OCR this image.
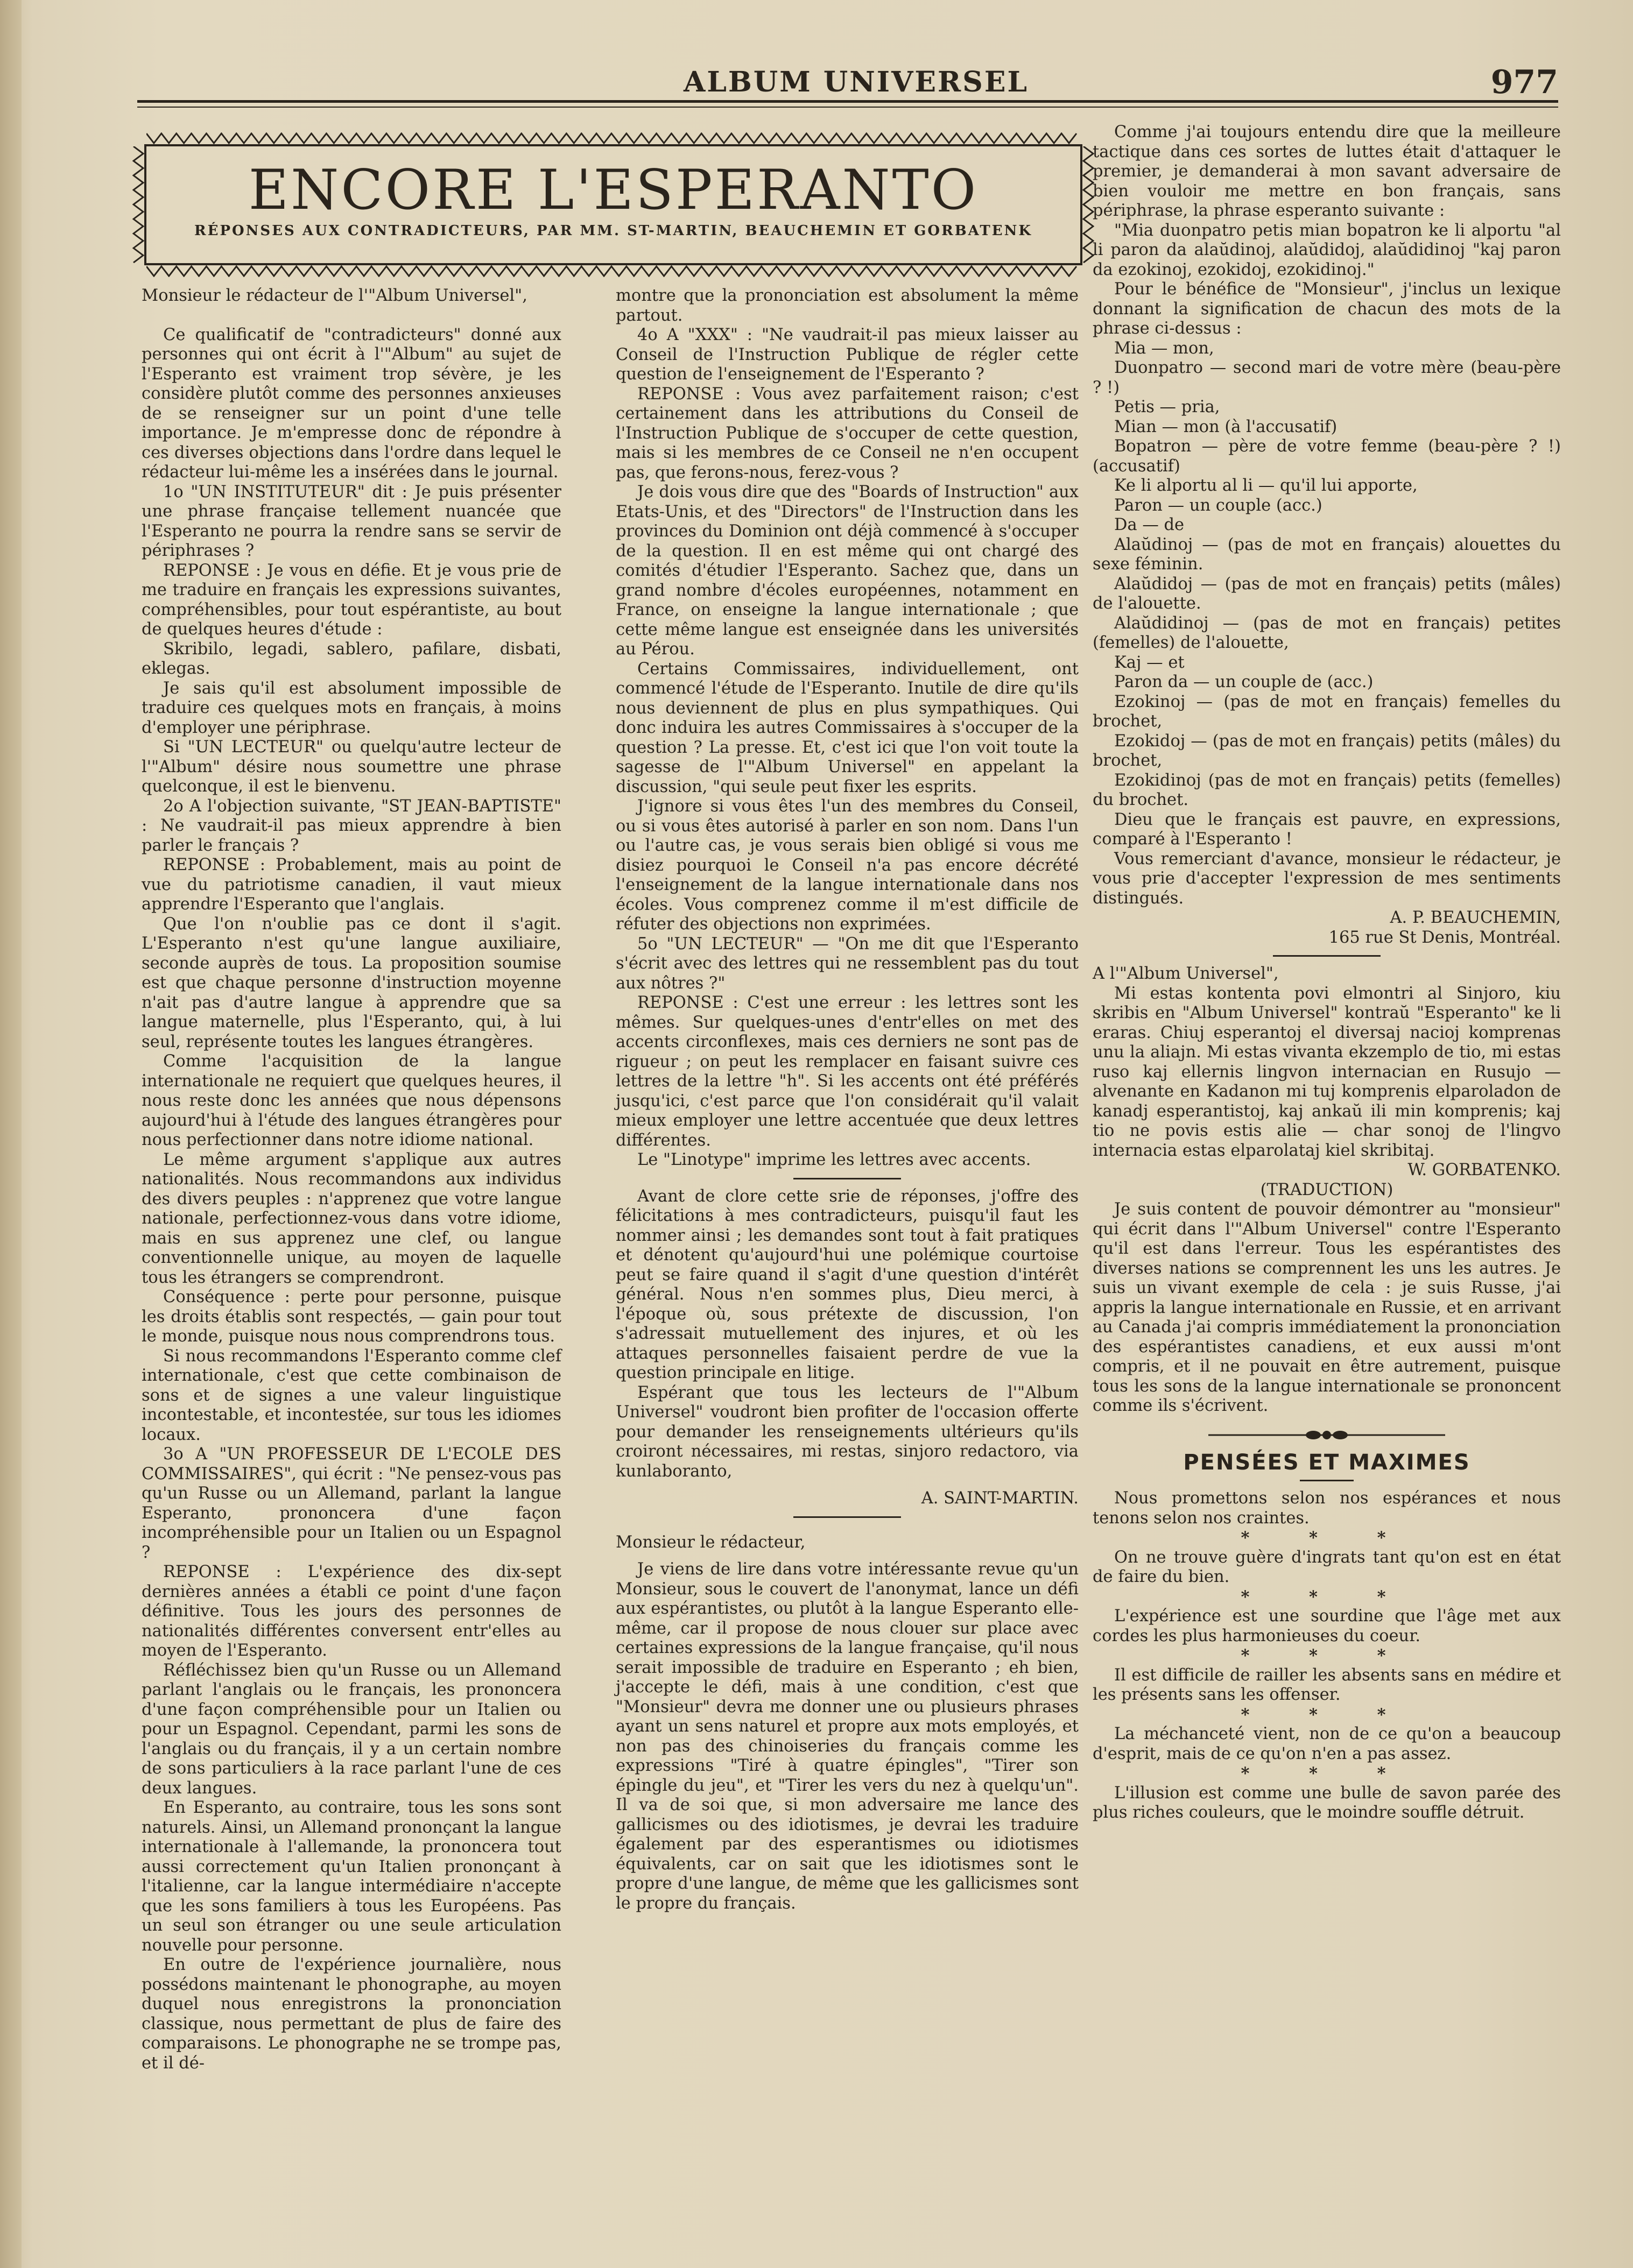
ALBUM UNIVERSEL	977
ENCORE L'ESPERANTO
RÉPONSES AUX CONTRADICTEURS, PAR MM. ST-MARTIN, BEAUCHEMIN ET GORBATENK

Monsieur le rédacteur de l'"Album Universel",

Ce qualificatif de "contradicteurs" donné aux personnes qui ont écrit à l'"Album" au sujet de l'Esperanto est vraiment trop sévère, je les considère plutôt comme des personnes anxieuses de se renseigner sur un point d'une telle importance. Je m'empresse donc de répondre à ces diverses objections dans l'ordre dans lequel le rédacteur lui-même les a insérées dans le journal.

1o "UN INSTITUTEUR" dit : Je puis présenter une phrase française tellement nuancée que l'Esperanto ne pourra la rendre sans se servir de périphrases ?

REPONSE : Je vous en défie. Et je vous prie de me traduire en français les expressions suivantes, compréhensibles, pour tout espérantiste, au bout de quelques heures d'étude :

Skribilo, legadi, sablero, pafilare, disbati, eklegas.

Je sais qu'il est absolument impossible de traduire ces quelques mots en français, à moins d'employer une périphrase.

Si "UN LECTEUR" ou quelqu'autre lecteur de l'"Album" désire nous soumettre une phrase quelconque, il est le bienvenu.

2o A l'objection suivante, "ST JEAN-BAPTISTE" : Ne vaudrait-il pas mieux apprendre à bien parler le français ?

REPONSE : Probablement, mais au point de vue du patriotisme canadien, il vaut mieux apprendre l'Esperanto que l'anglais.

Que l'on n'oublie pas ce dont il s'agit. L'Esperanto n'est qu'une langue auxiliaire, seconde auprès de tous. La proposition soumise est que chaque personne d'instruction moyenne n'ait pas d'autre langue à apprendre que sa langue maternelle, plus l'Esperanto, qui, à lui seul, représente toutes les langues étrangères.

Comme l'acquisition de la langue internationale ne requiert que quelques heures, il nous reste donc les années que nous dépensons aujourd'hui à l'étude des langues étrangères pour nous perfectionner dans notre idiome national.

Le même argument s'applique aux autres nationalités. Nous recommandons aux individus des divers peuples : n'apprenez que votre langue nationale, perfectionnez-vous dans votre idiome, mais en sus apprenez une clef, ou langue conventionnelle unique, au moyen de laquelle tous les étrangers se comprendront.

Conséquence : perte pour personne, puisque les droits établis sont respectés, — gain pour tout le monde, puisque nous nous comprendrons tous.

Si nous recommandons l'Esperanto comme clef internationale, c'est que cette combinaison de sons et de signes a une valeur linguistique incontestable, et incontestée, sur tous les idiomes locaux.

3o A "UN PROFESSEUR DE L'ECOLE DES COMMISSAIRES", qui écrit : "Ne pensez-vous pas qu'un Russe ou un Allemand, parlant la langue Esperanto, prononcera d'une façon incompréhensible pour un Italien ou un Espagnol ?

REPONSE : L'expérience des dix-sept dernières années a établi ce point d'une façon définitive. Tous les jours des personnes de nationalités différentes conversent entr'elles au moyen de l'Esperanto.

Réfléchissez bien qu'un Russe ou un Allemand parlant l'anglais ou le français, les prononcera d'une façon compréhensible pour un Italien ou pour un Espagnol. Cependant, parmi les sons de l'anglais ou du français, il y a un certain nombre de sons particuliers à la race parlant l'une de ces deux langues.

En Esperanto, au contraire, tous les sons sont naturels. Ainsi, un Allemand prononçant la langue internationale à l'allemande, la prononcera tout aussi correctement qu'un Italien prononçant à l'italienne, car la langue intermédiaire n'accepte que les sons familiers à tous les Européens. Pas un seul son étranger ou une seule articulation nouvelle pour personne.

En outre de l'expérience journalière, nous possédons maintenant le phonographe, au moyen duquel nous enregistrons la prononciation classique, nous permettant de plus de faire des comparaisons. Le phonographe ne se trompe pas, et il dé-

montre que la prononciation est absolument la même partout.

4o A "XXX" : "Ne vaudrait-il pas mieux laisser au Conseil de l'Instruction Publique de régler cette question de l'enseignement de l'Esperanto ?

REPONSE : Vous avez parfaitement raison; c'est certainement dans les attributions du Conseil de l'Instruction Publique de s'occuper de cette question, mais si les membres de ce Conseil ne n'en occupent pas, que ferons-nous, ferez-vous ?

Je dois vous dire que des "Boards of Instruction" aux Etats-Unis, et des "Directors" de l'Instruction dans les provinces du Dominion ont déjà commencé à s'occuper de la question. Il en est même qui ont chargé des comités d'étudier l'Esperanto. Sachez que, dans un grand nombre d'écoles européennes, notamment en France, on enseigne la langue internationale ; que cette même langue est enseignée dans les universités au Pérou.

Certains Commissaires, individuellement, ont commencé l'étude de l'Esperanto. Inutile de dire qu'ils nous deviennent de plus en plus sympathiques. Qui donc induira les autres Commissaires à s'occuper de la question ? La presse. Et, c'est ici que l'on voit toute la sagesse de l'"Album Universel" en appelant la discussion, "qui seule peut fixer les esprits.

J'ignore si vous êtes l'un des membres du Conseil, ou si vous êtes autorisé à parler en son nom. Dans l'un ou l'autre cas, je vous serais bien obligé si vous me disiez pourquoi le Conseil n'a pas encore décrété l'enseignement de la langue internationale dans nos écoles. Vous comprenez comme il m'est difficile de réfuter des objections non exprimées.

5o "UN LECTEUR" — "On me dit que l'Esperanto s'écrit avec des lettres qui ne ressemblent pas du tout aux nôtres ?"

REPONSE : C'est une erreur : les lettres sont les mêmes. Sur quelques-unes d'entr'elles on met des accents circonflexes, mais ces derniers ne sont pas de rigueur ; on peut les remplacer en faisant suivre ces lettres de la lettre "h". Si les accents ont été préférés jusqu'ici, c'est parce que l'on considérait qu'il valait mieux employer une lettre accentuée que deux lettres différentes.

Le "Linotype" imprime les lettres avec accents.

Avant de clore cette srie de réponses, j'offre des félicitations à mes contradicteurs, puisqu'il faut les nommer ainsi ; les demandes sont tout à fait pratiques et dénotent qu'aujourd'hui une polémique courtoise peut se faire quand il s'agit d'une question d'intérêt général. Nous n'en sommes plus, Dieu merci, à l'époque où, sous prétexte de discussion, l'on s'adressait mutuellement des injures, et où les attaques personnelles faisaient perdre de vue la question principale en litige.

Espérant que tous les lecteurs de l'"Album Universel" voudront bien profiter de l'occasion offerte pour demander les renseignements ultérieurs qu'ils croiront nécessaires, mi restas, sinjoro redactoro, via kunlaboranto,

A. SAINT-MARTIN.

Monsieur le rédacteur,

Je viens de lire dans votre intéressante revue qu'un Monsieur, sous le couvert de l'anonymat, lance un défi aux espérantistes, ou plutôt à la langue Esperanto elle-même, car il propose de nous clouer sur place avec certaines expressions de la langue française, qu'il nous serait impossible de traduire en Esperanto ; eh bien, j'accepte le défi, mais à une condition, c'est que "Monsieur" devra me donner une ou plusieurs phrases ayant un sens naturel et propre aux mots employés, et non pas des chinoiseries du français comme les expressions "Tiré à quatre épingles", "Tirer son épingle du jeu", et "Tirer les vers du nez à quelqu'un". Il va de soi que, si mon adversaire me lance des gallicismes ou des idiotismes, je devrai les traduire également par des esperantismes ou idiotismes équivalents, car on sait que les idiotismes sont le propre d'une langue, de même que les gallicismes sont le propre du français.

Comme j'ai toujours entendu dire que la meilleure tactique dans ces sortes de luttes était d'attaquer le premier, je demanderai à mon savant adversaire de bien vouloir me mettre en bon français, sans périphrase, la phrase esperanto suivante :

"Mia duonpatro petis mian bopatron ke li alportu "al li paron da alaŭdinoj, alaŭdidoj, alaŭdidinoj "kaj paron da ezokinoj, ezokidoj, ezokidinoj."

Pour le bénéfice de "Monsieur", j'inclus un lexique donnant la signification de chacun des mots de la phrase ci-dessus :

Mia — mon,

Duonpatro — second mari de votre mère (beau-père ? !)

Petis — pria,

Mian — mon (à l'accusatif)

Bopatron — père de votre femme (beau-père ? !) (accusatif)

Ke li alportu al li — qu'il lui apporte,

Paron — un couple (acc.)

Da — de

Alaŭdinoj — (pas de mot en français) alouettes du sexe féminin.

Alaŭdidoj — (pas de mot en français) petits (mâles) de l'alouette.

Alaŭdidinoj — (pas de mot en français) petites (femelles) de l'alouette,

Kaj — et

Paron da — un couple de (acc.)

Ezokinoj — (pas de mot en français) femelles du brochet,

Ezokidoj — (pas de mot en français) petits (mâles) du brochet,

Ezokidinoj (pas de mot en français) petits (femelles) du brochet.

Dieu que le français est pauvre, en expressions, comparé à l'Esperanto !

Vous remerciant d'avance, monsieur le rédacteur, je vous prie d'accepter l'expression de mes sentiments distingués.

A. P. BEAUCHEMIN,

165 rue St Denis, Montréal.

A l'"Album Universel",

Mi estas kontenta povi elmontri al Sinjoro, kiu skribis en "Album Universel" kontraŭ "Esperanto" ke li eraras. Chiuj esperantoj el diversaj nacioj komprenas unu la aliajn. Mi estas vivanta ekzemplo de tio, mi estas ruso kaj ellernis lingvon internacian en Rusujo — alvenante en Kadanon mi tuj komprenis elparoladon de kanadj esperantistoj, kaj ankaŭ ili min komprenis; kaj tio ne povis estis alie — char sonoj de l'lingvo internacia estas elparolataj kiel skribitaj.

W. GORBATENKO.

(TRADUCTION)

Je suis content de pouvoir démontrer au "monsieur" qui écrit dans l'"Album Universel" contre l'Esperanto qu'il est dans l'erreur. Tous les espérantistes des diverses nations se comprennent les uns les autres. Je suis un vivant exemple de cela : je suis Russe, j'ai appris la langue internationale en Russie, et en arrivant au Canada j'ai compris immédiatement la prononciation des espérantistes canadiens, et eux aussi m'ont compris, et il ne pouvait en être autrement, puisque tous les sons de la langue internationale se prononcent comme ils s'écrivent.

PENSÉES ET MAXIMES

Nous promettons selon nos espérances et nous tenons selon nos craintes.

* * *

On ne trouve guère d'ingrats tant qu'on est en état de faire du bien.

* * *

L'expérience est une sourdine que l'âge met aux cordes les plus harmonieuses du coeur.

* * *

Il est difficile de railler les absents sans en médire et les présents sans les offenser.

* * *

La méchanceté vient, non de ce qu'on a beaucoup d'esprit, mais de ce qu'on n'en a pas assez.

* * *

L'illusion est comme une bulle de savon parée des plus riches couleurs, que le moindre souffle détruit.
